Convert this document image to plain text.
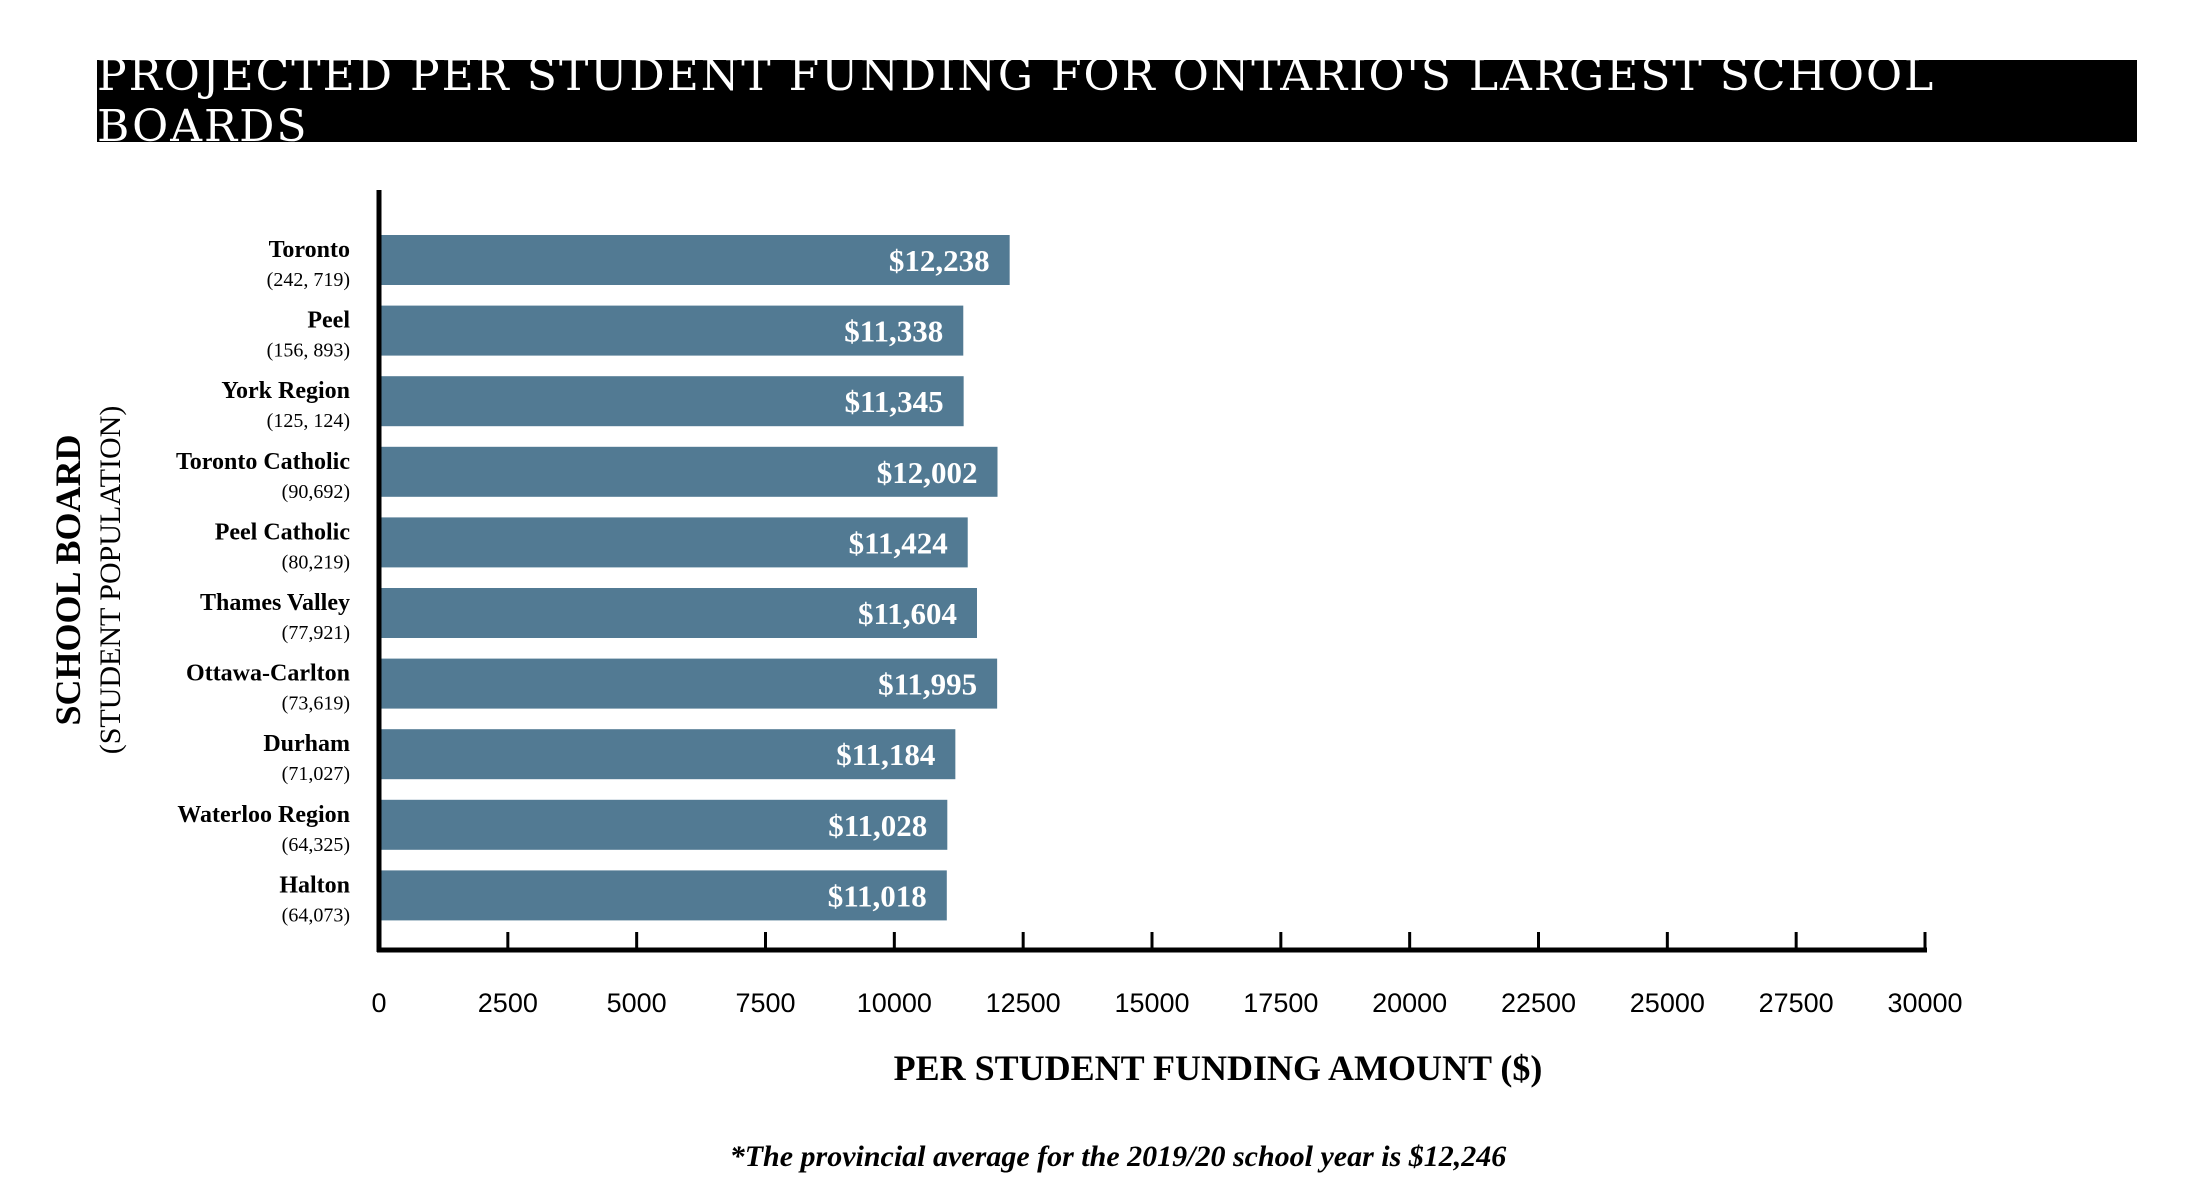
PROJECTED PER STUDENT FUNDING FOR ONTARIO'S LARGEST SCHOOL BOARDS
$12,238
$11,338
$11,345
$12,002
$11,424
$11,604
$11,995
$11,184
$11,028
$11,018
Toronto
(242, 719)
Peel
(156, 893)
York Region
(125, 124)
Toronto Catholic
(90,692)
Peel Catholic
(80,219)
Thames Valley
(77,921)
Ottawa-Carlton
(73,619)
Durham
(71,027)
Waterloo Region
(64,325)
Halton
(64,073)
0	2500	5000	7500 10000 12500 15000 17500 20000 22500 25000 27500 30000
SCHOOL BOARD (STUDENT POPULATION)
PER STUDENT FUNDING AMOUNT ($)
*The provincial average for the 2019/20 school year is $12,246
